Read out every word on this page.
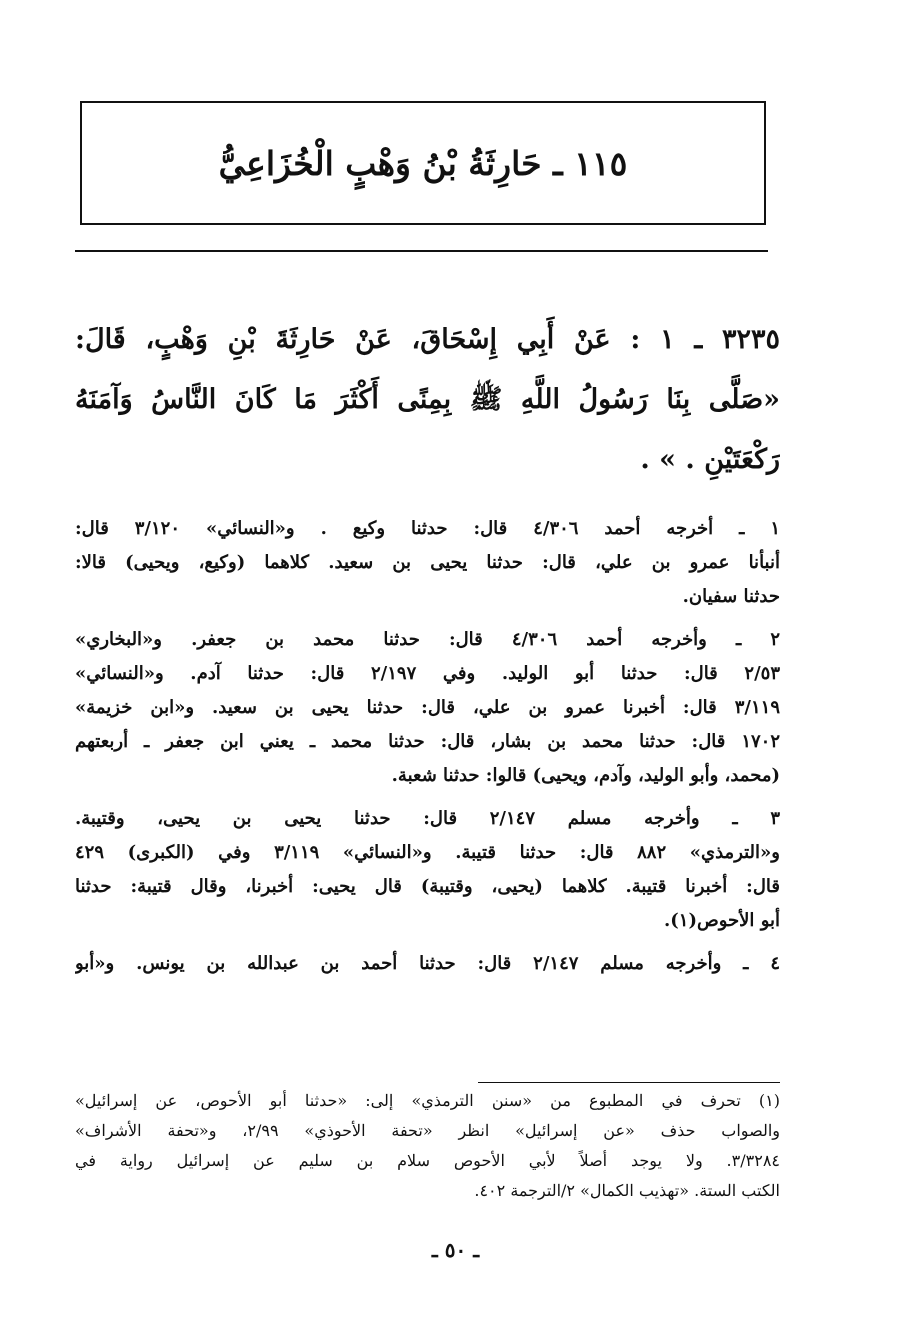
١١٥ ـ حَارِثَةُ بْنُ وَهْبٍ الْخُزَاعِيُّ
٣٢٣٥ ـ ١ : عَنْ أَبِي إِسْحَاقَ، عَنْ حَارِثَةَ بْنِ وَهْبٍ، قَالَ:
«صَلَّى بِنَا رَسُولُ اللَّهِ ﷺ بِمِنًى أَكْثَرَ مَا كَانَ النَّاسُ وَآمَنَهُ
رَكْعَتَيْنِ . » .
١ ـ أخرجه أحمد ٤/٣٠٦ قال: حدثنا وكيع . و«النسائي» ٣/١٢٠ قال:
أنبأنا عمرو بن علي، قال: حدثنا يحيى بن سعيد. كلاهما (وكيع، ويحيى) قالا:
حدثنا سفيان.
٢ ـ وأخرجه أحمد ٤/٣٠٦ قال: حدثنا محمد بن جعفر. و«البخاري»
٢/٥٣ قال: حدثنا أبو الوليد. وفي ٢/١٩٧ قال: حدثنا آدم. و«النسائي»
٣/١١٩ قال: أخبرنا عمرو بن علي، قال: حدثنا يحيى بن سعيد. و«ابن خزيمة»
١٧٠٢ قال: حدثنا محمد بن بشار، قال: حدثنا محمد ـ يعني ابن جعفر ـ أربعتهم
(محمد، وأبو الوليد، وآدم، ويحيى) قالوا: حدثنا شعبة.
٣ ـ وأخرجه مسلم ٢/١٤٧ قال: حدثنا يحيى بن يحيى، وقتيبة.
و«الترمذي» ٨٨٢ قال: حدثنا قتيبة. و«النسائي» ٣/١١٩ وفي (الكبرى) ٤٢٩
قال: أخبرنا قتيبة. كلاهما (يحيى، وقتيبة) قال يحيى: أخبرنا، وقال قتيبة: حدثنا
أبو الأحوص(١).
٤ ـ وأخرجه مسلم ٢/١٤٧ قال: حدثنا أحمد بن عبدالله بن يونس. و«أبو
(١) تحرف في المطبوع من «سنن الترمذي» إلى: «حدثنا أبو الأحوص، عن إسرائيل»
والصواب حذف «عن إسرائيل» انظر «تحفة الأحوذي» ٢/٩٩، و«تحفة الأشراف»
٣/٣٢٨٤. ولا يوجد أصلاً لأبي الأحوص سلام بن سليم عن إسرائيل رواية في
الكتب الستة. «تهذيب الكمال» ٢/الترجمة ٤٠٢.
ـ ٥٠ ـ
